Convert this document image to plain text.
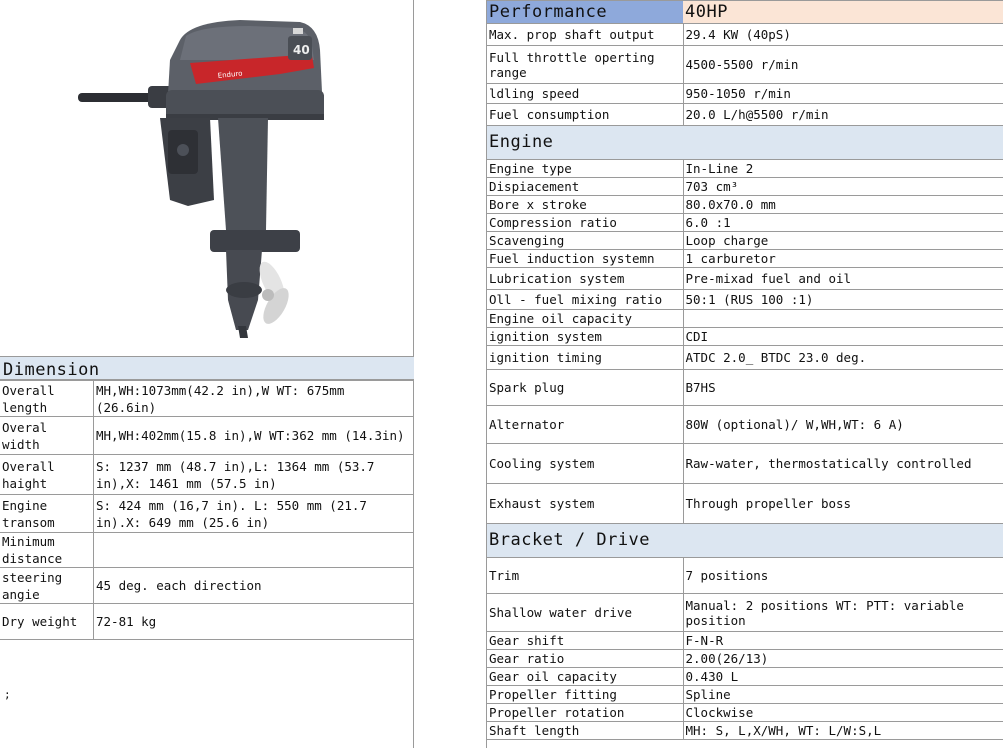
Enduro
40
Dimension
Overall length	MH,WH:1073mm(42.2 in),W WT: 675mm (26.6in)
Overal width	MH,WH:402mm(15.8 in),W WT:362 mm (14.3in)
Overall haight	S: 1237 mm (48.7 in),L: 1364 mm (53.7 in),X: 1461 mm (57.5 in)
Engine transom	S: 424 mm (16,7 in). L: 550 mm (21.7 in).X: 649 mm (25.6 in)
Minimum distance	
steering angie	45 deg. each direction
Dry weight	72-81 kg
;
Performance	40HP
Max. prop shaft output	29.4 KW (40pS)
Full throttle operting range	4500-5500 r/min
ldling speed	950-1050 r/min
Fuel consumption	20.0 L/h@5500 r/min
Engine	
Engine type	In-Line 2
Dispiacement	703 cm³
Bore x stroke	80.0x70.0 mm
Compression ratio	6.0 :1
Scavenging	Loop charge
Fuel induction systemn	1 carburetor
Lubrication system	Pre-mixad fuel and oil
Oll - fuel mixing ratio	50:1 (RUS 100 :1)
Engine oil capacity	
ignition system	CDI
ignition timing	ATDC 2.0_ BTDC 23.0 deg.
Spark plug	B7HS
Alternator	80W (optional)/ W,WH,WT: 6 A)
Cooling system	Raw-water, thermostatically controlled
Exhaust system	Through propeller boss
Bracket / Drive	
Trim	7 positions
Shallow water drive	Manual: 2 positions WT: PTT: variable position
Gear shift	F-N-R
Gear ratio	2.00(26/13)
Gear oil capacity	0.430 L
Propeller fitting	Spline
Propeller rotation	Clockwise
Shaft length	MH: S, L,X/WH, WT: L/W:S,L
